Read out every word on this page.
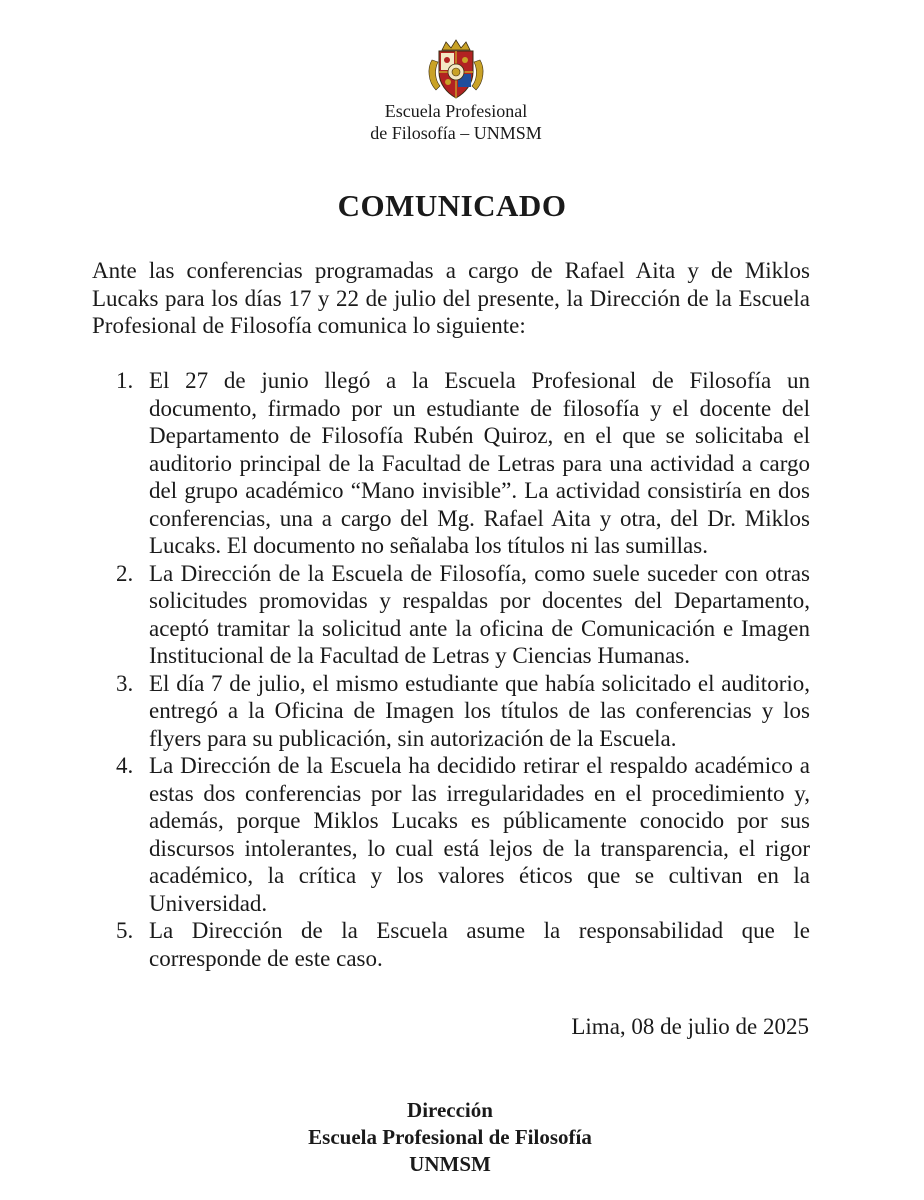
Escuela Profesional
de Filosofía – UNMSM
COMUNICADO

Ante las conferencias programadas a cargo de Rafael Aita y de Miklos Lucaks para los días 17 y 22 de julio del presente, la Dirección de la Escuela Profesional de Filosofía comunica lo siguiente:

1. El 27 de junio llegó a la Escuela Profesional de Filosofía un documento, firmado por un estudiante de filosofía y el docente del Departamento de Filosofía Rubén Quiroz, en el que se solicitaba el auditorio principal de la Facultad de Letras para una actividad a cargo del grupo académico “Mano invisible”. La actividad consistiría en dos conferencias, una a cargo del Mg. Rafael Aita y otra, del Dr. Miklos Lucaks. El documento no señalaba los títulos ni las sumillas.
2. La Dirección de la Escuela de Filosofía, como suele suceder con otras solicitudes promovidas y respaldas por docentes del Departamento, aceptó tramitar la solicitud ante la oficina de Comunicación e Imagen Institucional de la Facultad de Letras y Ciencias Humanas.
3. El día 7 de julio, el mismo estudiante que había solicitado el auditorio, entregó a la Oficina de Imagen los títulos de las conferencias y los flyers para su publicación, sin autorización de la Escuela.
4. La Dirección de la Escuela ha decidido retirar el respaldo académico a estas dos conferencias por las irregularidades en el procedimiento y, además, porque Miklos Lucaks es públicamente conocido por sus discursos intolerantes, lo cual está lejos de la transparencia, el rigor académico, la crítica y los valores éticos que se cultivan en la Universidad.
5. La Dirección de la Escuela asume la responsabilidad que le corresponde de este caso.
Lima, 08 de julio de 2025
Dirección
Escuela Profesional de Filosofía
UNMSM
